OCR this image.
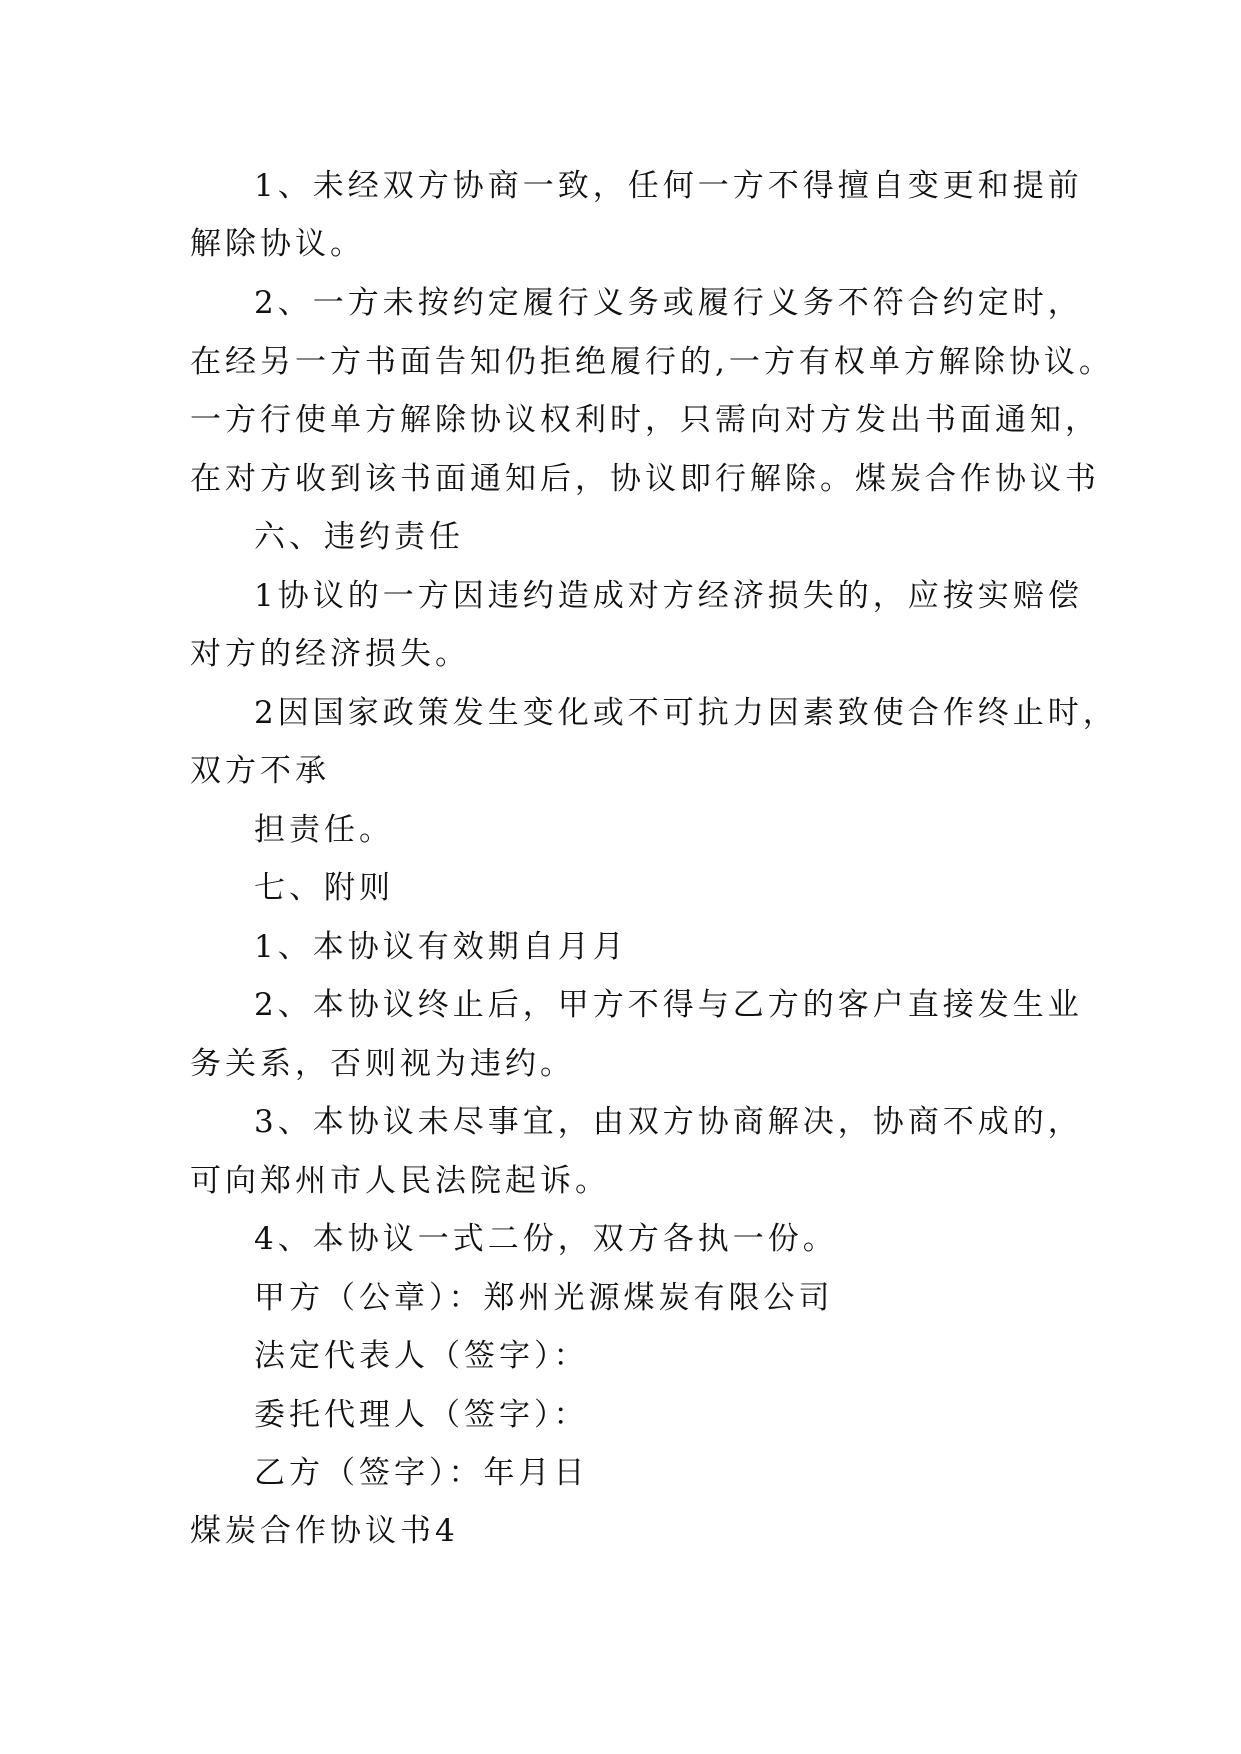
1、未经双方协商一致，任何一方不得擅自变更和提前
解除协议。
2、一方未按约定履行义务或履行义务不符合约定时，
在经另一方书面告知仍拒绝履行的,一方有权单方解除协议。
一方行使单方解除协议权利时，只需向对方发出书面通知，
在对方收到该书面通知后，协议即行解除。煤炭合作协议书
六、违约责任
1协议的一方因违约造成对方经济损失的，应按实赔偿
对方的经济损失。
2因国家政策发生变化或不可抗力因素致使合作终止时，
双方不承
担责任。
七、附则
1、本协议有效期自月月
2、本协议终止后，甲方不得与乙方的客户直接发生业
务关系，否则视为违约。
3、本协议未尽事宜，由双方协商解决，协商不成的，
可向郑州市人民法院起诉。
4、本协议一式二份，双方各执一份。
甲方（公章）：郑州光源煤炭有限公司
法定代表人（签字）：
委托代理人（签字）：
乙方（签字）：年月日
煤炭合作协议书4
